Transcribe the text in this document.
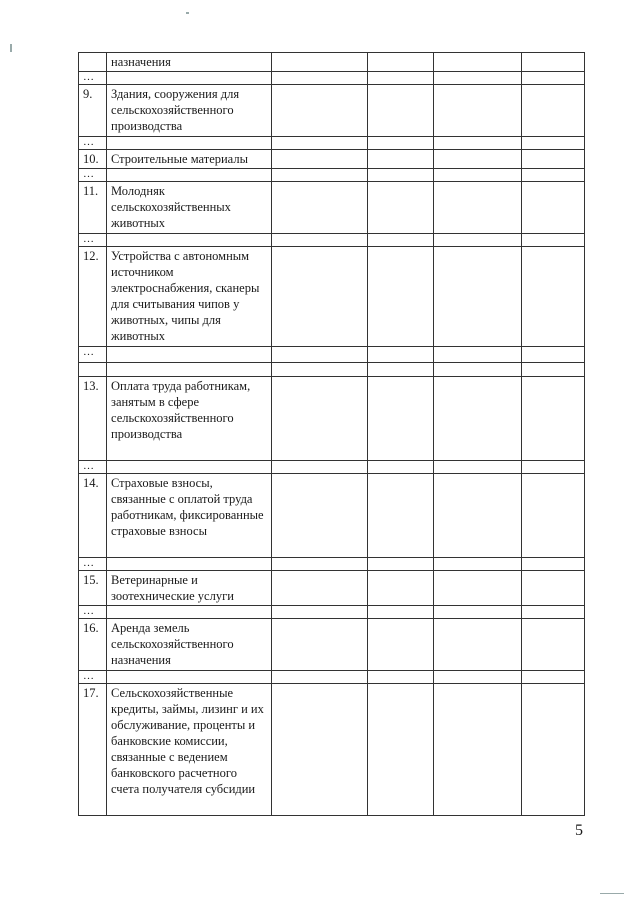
	назначения				
…					
9.	Здания, сооружения для сельскохозяйственного производства				
…					
10.	Строительные материалы				
…					
11.	Молодняк сельскохозяйственных животных				
…					
12.	Устройства с автономным источником электроснабжения, сканеры для считывания чипов у животных, чипы для животных				
…					

13.	Оплата труда работникам, занятым в сфере сельскохозяйственного производства				
…					
14.	Страховые взносы, связанные с оплатой труда работникам, фиксированные страховые взносы				
…					
15.	Ветеринарные и зоотехнические услуги				
…					
16.	Аренда земель сельскохозяйственного назначения				
…					
17.	Сельскохозяйственные кредиты, займы, лизинг и их обслуживание, проценты и банковские комиссии, связанные с ведением банковского расчетного счета получателя субсидии				
5
